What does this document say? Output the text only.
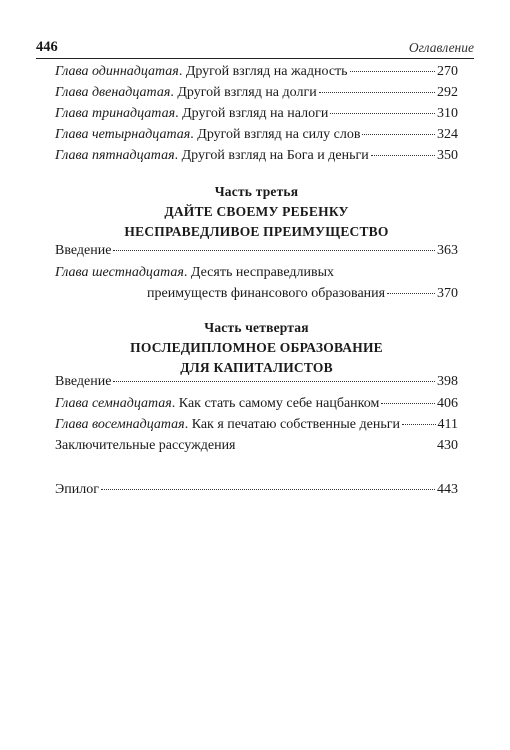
446	Оглавление
Глава одиннадцатая. Другой взгляд на жадность	270
Глава двенадцатая. Другой взгляд на долги	292
Глава тринадцатая. Другой взгляд на налоги	310
Глава четырнадцатая. Другой взгляд на силу слов	324
Глава пятнадцатая. Другой взгляд на Бога и деньги	350
Часть третья
ДАЙТЕ СВОЕМУ РЕБЕНКУ
НЕСПРАВЕДЛИВОЕ ПРЕИМУЩЕСТВО
Введение	363
Глава шестнадцатая. Десять несправедливых
преимуществ финансового образования	370
Часть четвертая
ПОСЛЕДИПЛОМНОЕ ОБРАЗОВАНИЕ
ДЛЯ КАПИТАЛИСТОВ
Введение	398
Глава семнадцатая. Как стать самому себе нацбанком	406
Глава восемнадцатая. Как я печатаю собственные деньги	411
Заключительные рассуждения	430
Эпилог	443
